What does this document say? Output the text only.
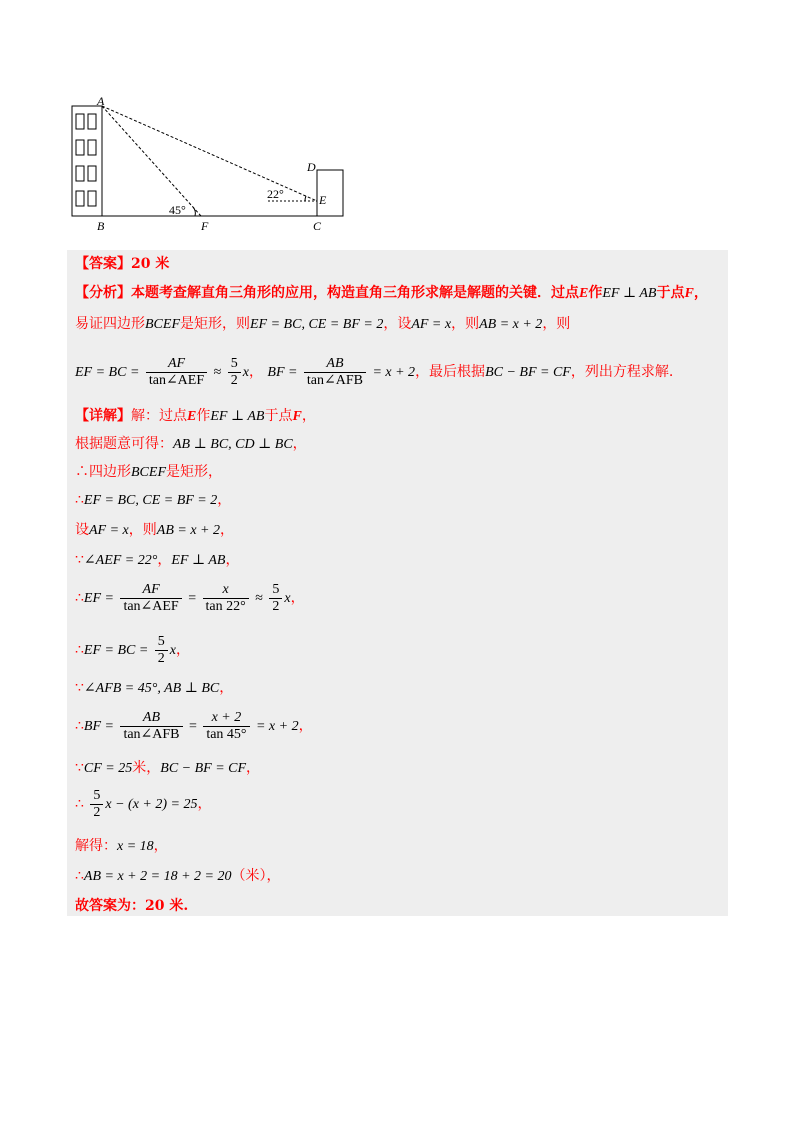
A
B	F	C
D
E
45°
22°
【答案】20 米
【分析】本题考查解直角三角形的应用，构造直角三角形求解是解题的关键．过点E作EF ⊥ AB于点F，
易证四边形BCEF是矩形，则EF = BC, CE = BF = 2，设AF = x，则AB = x + 2，则
EF = BC = $\frac{AF}{\text{tan∠AEF}} \approx \frac{5}{2}$ x， BF = $\frac{AB}{\text{tan∠AFB}} = x + 2$，最后根据BC − BF = CF，列出方程求解.
【详解】解：过点E作EF ⊥ AB于点F，
根据题意可得：AB ⊥ BC, CD ⊥ BC，
∴四边形BCEF是矩形，
∴EF = BC, CE = BF = 2，
设AF = x，则AB = x + 2，
∵∠AEF = 22°，EF ⊥ AB，
∴EF = $\frac{AF}{\text{tan∠AEF}} = \frac{x}{\tan 22^\circ} \approx \frac{5}{2}$ x，
∴EF = BC = $\frac{5}{2}$ x，
∵∠AFB = 45°, AB ⊥ BC，
∴BF = $\frac{AB}{\text{tan∠AFB}} = \frac{x + 2}{\tan 45^\circ} = x + 2$，
∵CF = 25米，BC − BF = CF，
∴ $\frac{5}{2}$ x − (x + 2) = 25，
解得：x = 18，
∴AB = x + 2 = 18 + 2 = 20（米），
故答案为：20 米.
